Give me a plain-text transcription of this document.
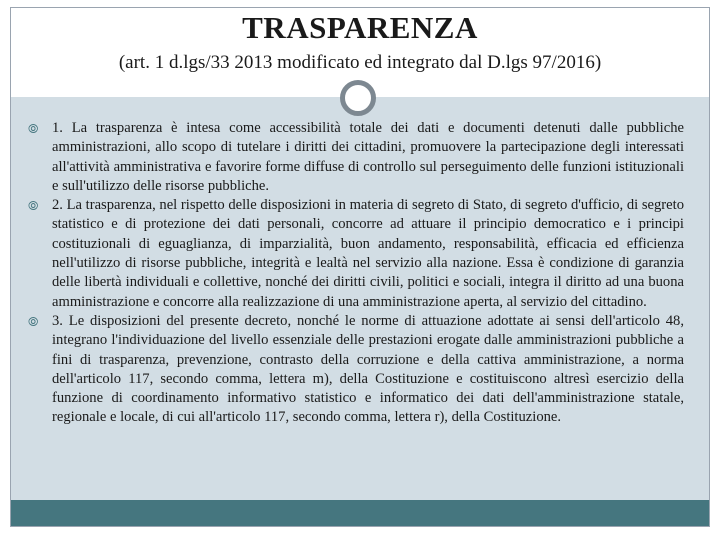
TRASPARENZA
(art. 1 d.lgs/33 2013 modificato ed integrato dal D.lgs 97/2016)

⦾ 1. La trasparenza è intesa come accessibilità totale dei dati e documenti detenuti dalle pubbliche amministrazioni, allo scopo di tutelare i diritti dei cittadini, promuovere la partecipazione degli interessati all'attività amministrativa e favorire forme diffuse di controllo sul perseguimento delle funzioni istituzionali e sull'utilizzo delle risorse pubbliche.

⦾ 2. La trasparenza, nel rispetto delle disposizioni in materia di segreto di Stato, di segreto d'ufficio, di segreto statistico e di protezione dei dati personali, concorre ad attuare il principio democratico e i principi costituzionali di eguaglianza, di imparzialità, buon andamento, responsabilità, efficacia ed efficienza nell'utilizzo di risorse pubbliche, integrità e lealtà nel servizio alla nazione. Essa è condizione di garanzia delle libertà individuali e collettive, nonché dei diritti civili, politici e sociali, integra il diritto ad una buona amministrazione e concorre alla realizzazione di una amministrazione aperta, al servizio del cittadino.

⦾ 3. Le disposizioni del presente decreto, nonché le norme di attuazione adottate ai sensi dell'articolo 48, integrano l'individuazione del livello essenziale delle prestazioni erogate dalle amministrazioni pubbliche a fini di trasparenza, prevenzione, contrasto della corruzione e della cattiva amministrazione, a norma dell'articolo 117, secondo comma, lettera m), della Costituzione e costituiscono altresì esercizio della funzione di coordinamento informativo statistico e informatico dei dati dell'amministrazione statale, regionale e locale, di cui all'articolo 117, secondo comma, lettera r), della Costituzione.
